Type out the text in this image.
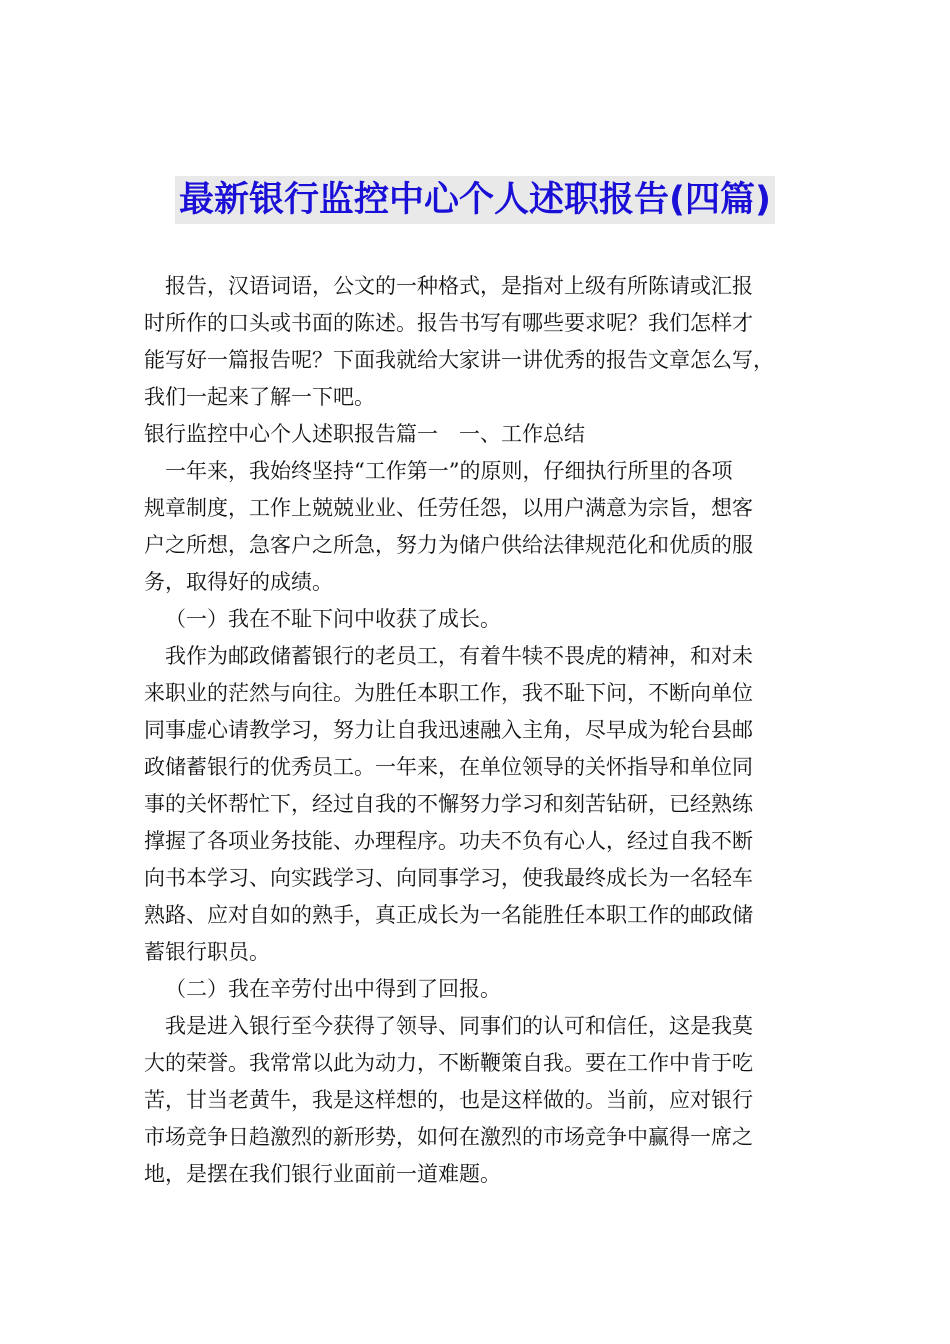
最新银行监控中心个人述职报告(四篇)
报告，汉语词语，公文的一种格式，是指对上级有所陈请或汇报
时所作的口头或书面的陈述。报告书写有哪些要求呢？我们怎样才
能写好一篇报告呢？下面我就给大家讲一讲优秀的报告文章怎么写，
我们一起来了解一下吧。
银行监控中心个人述职报告篇一　一、工作总结
一年来，我始终坚持“工作第一”的原则，仔细执行所里的各项
规章制度，工作上兢兢业业、任劳任怨，以用户满意为宗旨，想客
户之所想，急客户之所急，努力为储户供给法律规范化和优质的服
务，取得好的成绩。
（一）我在不耻下问中收获了成长。
我作为邮政储蓄银行的老员工，有着牛犊不畏虎的精神，和对未
来职业的茫然与向往。为胜任本职工作，我不耻下问，不断向单位
同事虚心请教学习，努力让自我迅速融入主角，尽早成为轮台县邮
政储蓄银行的优秀员工。一年来，在单位领导的关怀指导和单位同
事的关怀帮忙下，经过自我的不懈努力学习和刻苦钻研，已经熟练
撑握了各项业务技能、办理程序。功夫不负有心人，经过自我不断
向书本学习、向实践学习、向同事学习，使我最终成长为一名轻车
熟路、应对自如的熟手，真正成长为一名能胜任本职工作的邮政储
蓄银行职员。
（二）我在辛劳付出中得到了回报。
我是进入银行至今获得了领导、同事们的认可和信任，这是我莫
大的荣誉。我常常以此为动力，不断鞭策自我。要在工作中肯于吃
苦，甘当老黄牛，我是这样想的，也是这样做的。当前，应对银行
市场竞争日趋激烈的新形势，如何在激烈的市场竞争中赢得一席之
地，是摆在我们银行业面前一道难题。
